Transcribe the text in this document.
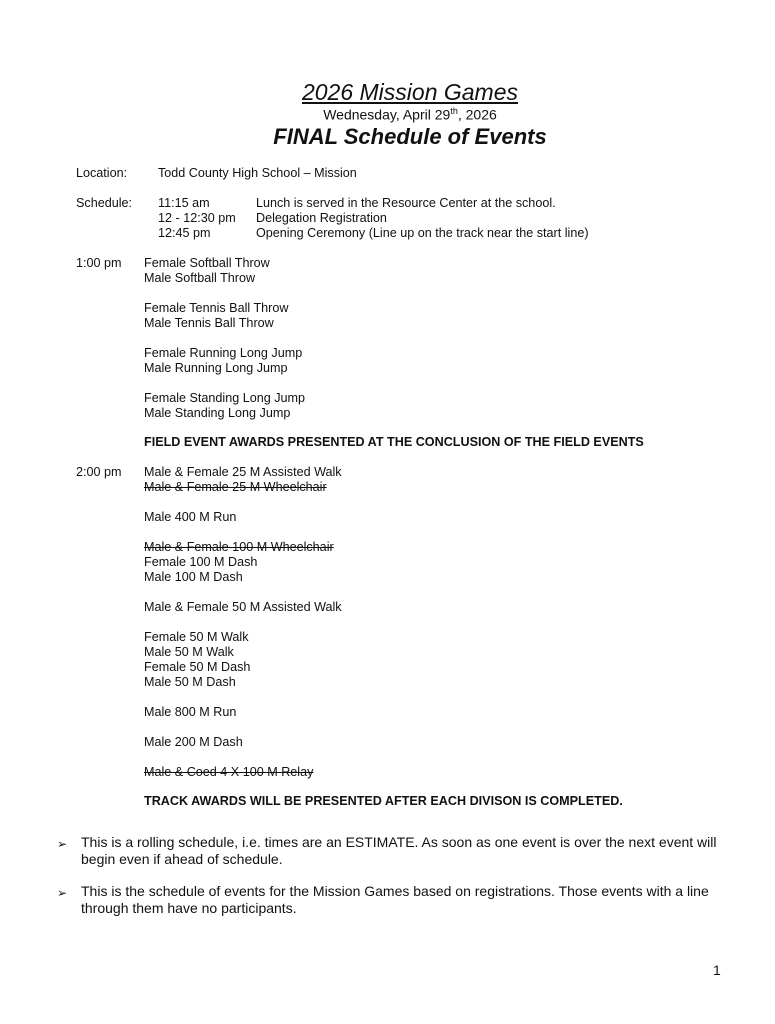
2026 Mission Games
Wednesday, April 29th, 2026
FINAL Schedule of Events
Location: Todd County High School – Mission
Schedule: 11:15 am	Lunch is served in the Resource Center at the school.
12 - 12:30 pm Delegation Registration
12:45 pm	Opening Ceremony (Line up on the track near the start line)
1:00 pm Female Softball Throw
Male Softball Throw
Female Tennis Ball Throw
Male Tennis Ball Throw
Female Running Long Jump
Male Running Long Jump
Female Standing Long Jump
Male Standing Long Jump
FIELD EVENT AWARDS PRESENTED AT THE CONCLUSION OF THE FIELD EVENTS
2:00 pm Male & Female 25 M Assisted Walk
Male & Female 25 M Wheelchair
Male 400 M Run
Male & Female 100 M Wheelchair
Female 100 M Dash
Male 100 M Dash
Male & Female 50 M Assisted Walk
Female 50 M Walk
Male 50 M Walk
Female 50 M Dash
Male 50 M Dash
Male 800 M Run
Male 200 M Dash
Male & Coed 4 X 100 M Relay
TRACK AWARDS WILL BE PRESENTED AFTER EACH DIVISON IS COMPLETED.
➢ This is a rolling schedule, i.e. times are an ESTIMATE. As soon as one event is over the next event will begin even if ahead of schedule.
➢ This is the schedule of events for the Mission Games based on registrations. Those events with a line through them have no participants.
1
